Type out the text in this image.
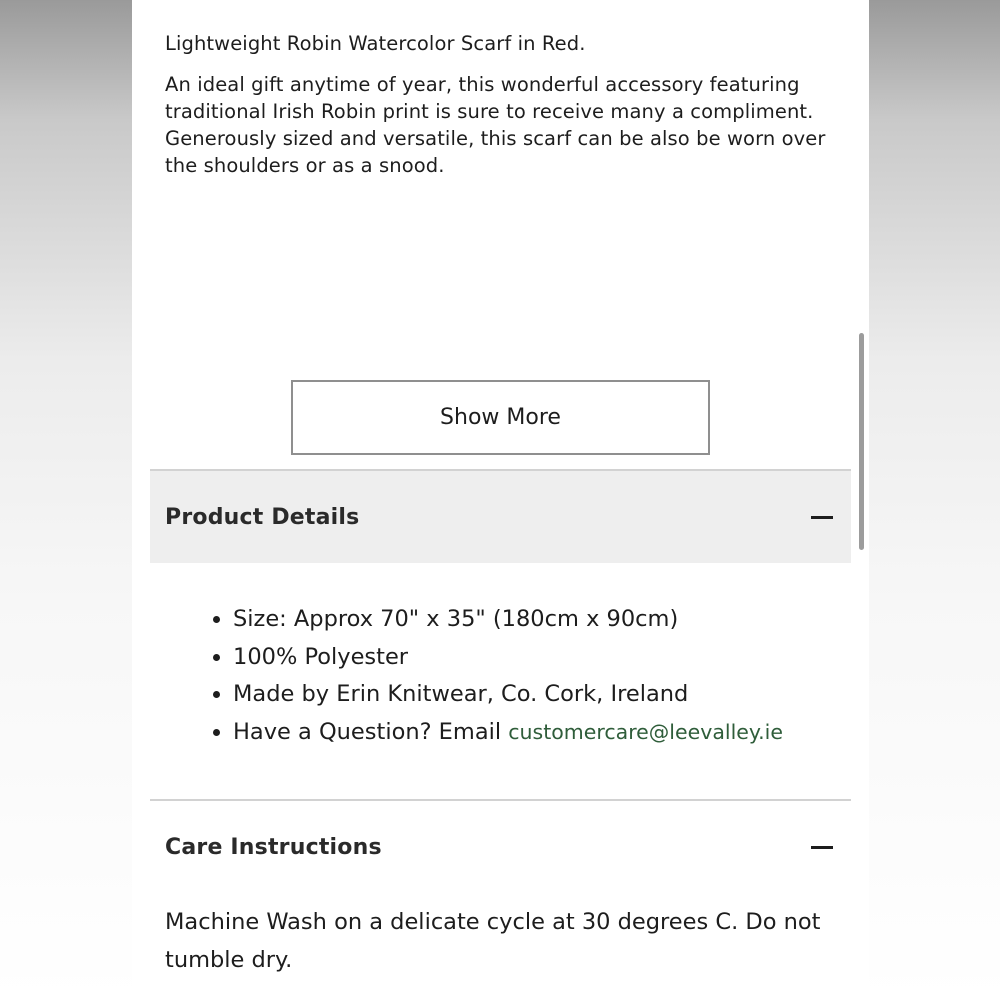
Lightweight Robin Watercolor Scarf in Red.

An ideal gift anytime of year, this wonderful accessory featuring traditional Irish Robin print is sure to receive many a compliment. Generously sized and versatile, this scarf can be also be worn over the shoulders or as a snood.

Show More
Product Details
• Size: Approx 70" x 35" (180cm x 90cm)
• 100% Polyester
• Made by Erin Knitwear, Co. Cork, Ireland
• Have a Question? Email customercare@leevalley.ie
Care Instructions

Machine Wash on a delicate cycle at 30 degrees C. Do not tumble dry.
